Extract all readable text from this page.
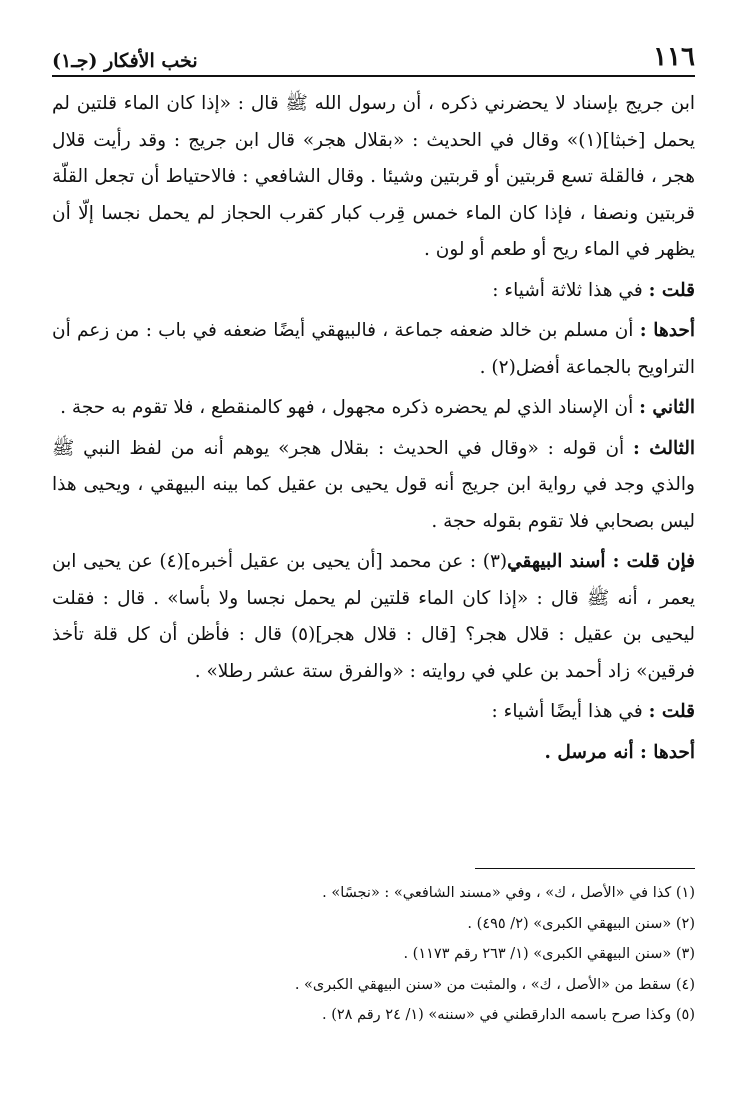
١١٦
نخب الأفكار (جـ١)

ابن جريج بإسناد لا يحضرني ذكره ، أن رسول الله ﷺ قال : «إذا كان الماء قلتين لم يحمل [خبثا](١)» وقال في الحديث : «بقلال هجر» قال ابن جريج : وقد رأيت قلال هجر ، فالقلة تسع قربتين أو قربتين وشيئا . وقال الشافعي : فالاحتياط أن تجعل القلّة قربتين ونصفا ، فإذا كان الماء خمس قِرب كبار كقرب الحجاز لم يحمل نجسا إلّا أن يظهر في الماء ريح أو طعم أو لون .

قلت : في هذا ثلاثة أشياء :

أحدها : أن مسلم بن خالد ضعفه جماعة ، فالبيهقي أيضًا ضعفه في باب : من زعم أن التراويح بالجماعة أفضل(٢) .

الثاني : أن الإسناد الذي لم يحضره ذكره مجهول ، فهو كالمنقطع ، فلا تقوم به حجة .

الثالث : أن قوله : «وقال في الحديث : بقلال هجر» يوهم أنه من لفظ النبي ﷺ والذي وجد في رواية ابن جريج أنه قول يحيى بن عقيل كما بينه البيهقي ، ويحيى هذا ليس بصحابي فلا تقوم بقوله حجة .

فإن قلت : أسند البيهقي(٣) : عن محمد [أن يحيى بن عقيل أخبره](٤) عن يحيى ابن يعمر ، أنه ﷺ قال : «إذا كان الماء قلتين لم يحمل نجسا ولا بأسا» . قال : فقلت ليحيى بن عقيل : قلال هجر؟ [قال : قلال هجر](٥) قال : فأظن أن كل قلة تأخذ فرقين» زاد أحمد بن علي في روايته : «والفرق ستة عشر رطلا» .

قلت : في هذا أيضًا أشياء :

أحدها : أنه مرسل .

(١) كذا في «الأصل ، ك» ، وفي «مسند الشافعي» : «نجسًا» .
(٢) «سنن البيهقي الكبرى» (٢/ ٤٩٥) .
(٣) «سنن البيهقي الكبرى» (١/ ٢٦٣ رقم ١١٧٣) .
(٤) سقط من «الأصل ، ك» ، والمثبت من «سنن البيهقي الكبرى» .
(٥) وكذا صرح باسمه الدارقطني في «سننه» (١/ ٢٤ رقم ٢٨) .
